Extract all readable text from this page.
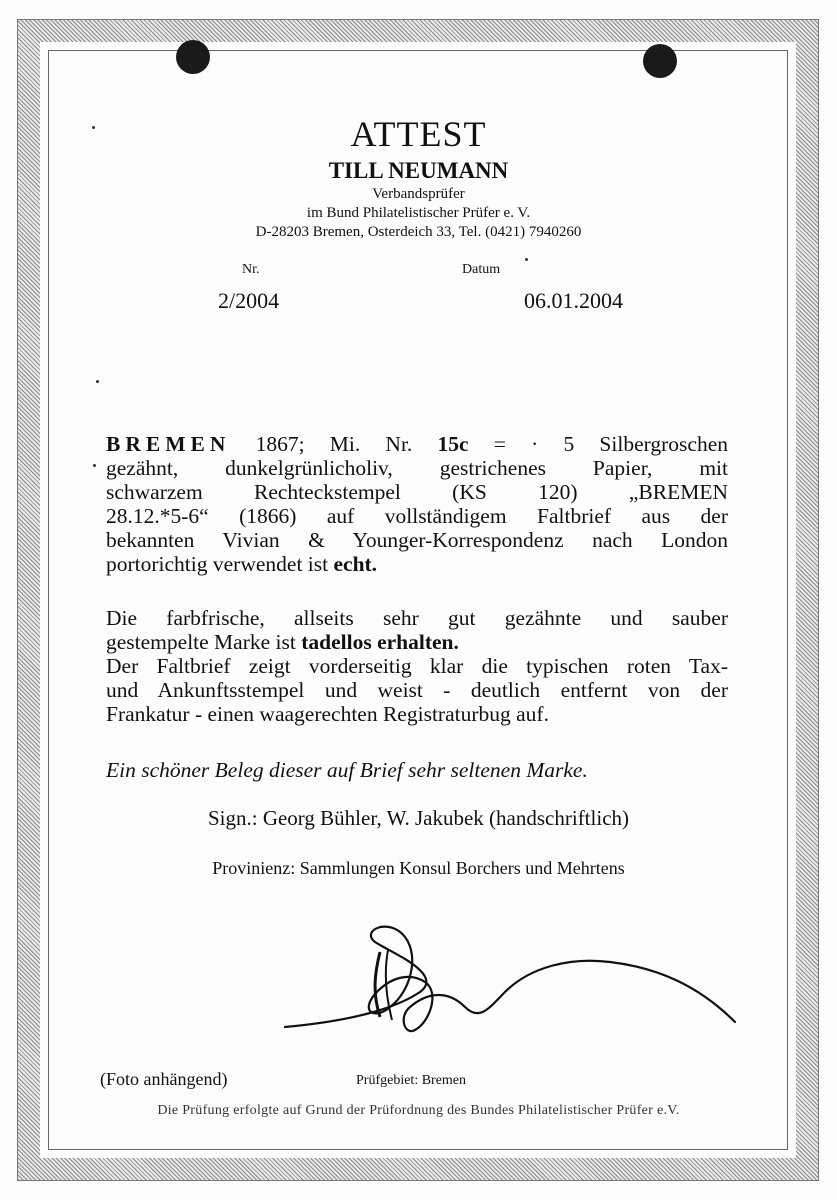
ATTEST
TILL NEUMANN
Verbandsprüfer
im Bund Philatelistischer Prüfer e. V.
D-28203 Bremen, Osterdeich 33, Tel. (0421) 7940260
Nr.	Datum
2/2004	06.01.2004
BREMEN 1867; Mi. Nr. 15c = · 5 Silbergroschen
gezähnt, dunkelgrünlicholiv, gestrichenes Papier, mit
schwarzem Rechteckstempel (KS 120) „BREMEN
28.12.*5-6“ (1866) auf vollständigem Faltbrief aus der
bekannten Vivian & Younger-Korrespondenz nach London
portorichtig verwendet ist echt.
Die farbfrische, allseits sehr gut gezähnte und sauber
gestempelte Marke ist tadellos erhalten.
Der Faltbrief zeigt vorderseitig klar die typischen roten Tax-
und Ankunftsstempel und weist - deutlich entfernt von der
Frankatur - einen waagerechten Registraturbug auf.
Ein schöner Beleg dieser auf Brief sehr seltenen Marke.
Sign.: Georg Bühler, W. Jakubek (handschriftlich)
Provinienz: Sammlungen Konsul Borchers und Mehrtens
(Foto anhängend)	Prüfgebiet: Bremen
Die Prüfung erfolgte auf Grund der Prüfordnung des Bundes Philatelistischer Prüfer e.V.
